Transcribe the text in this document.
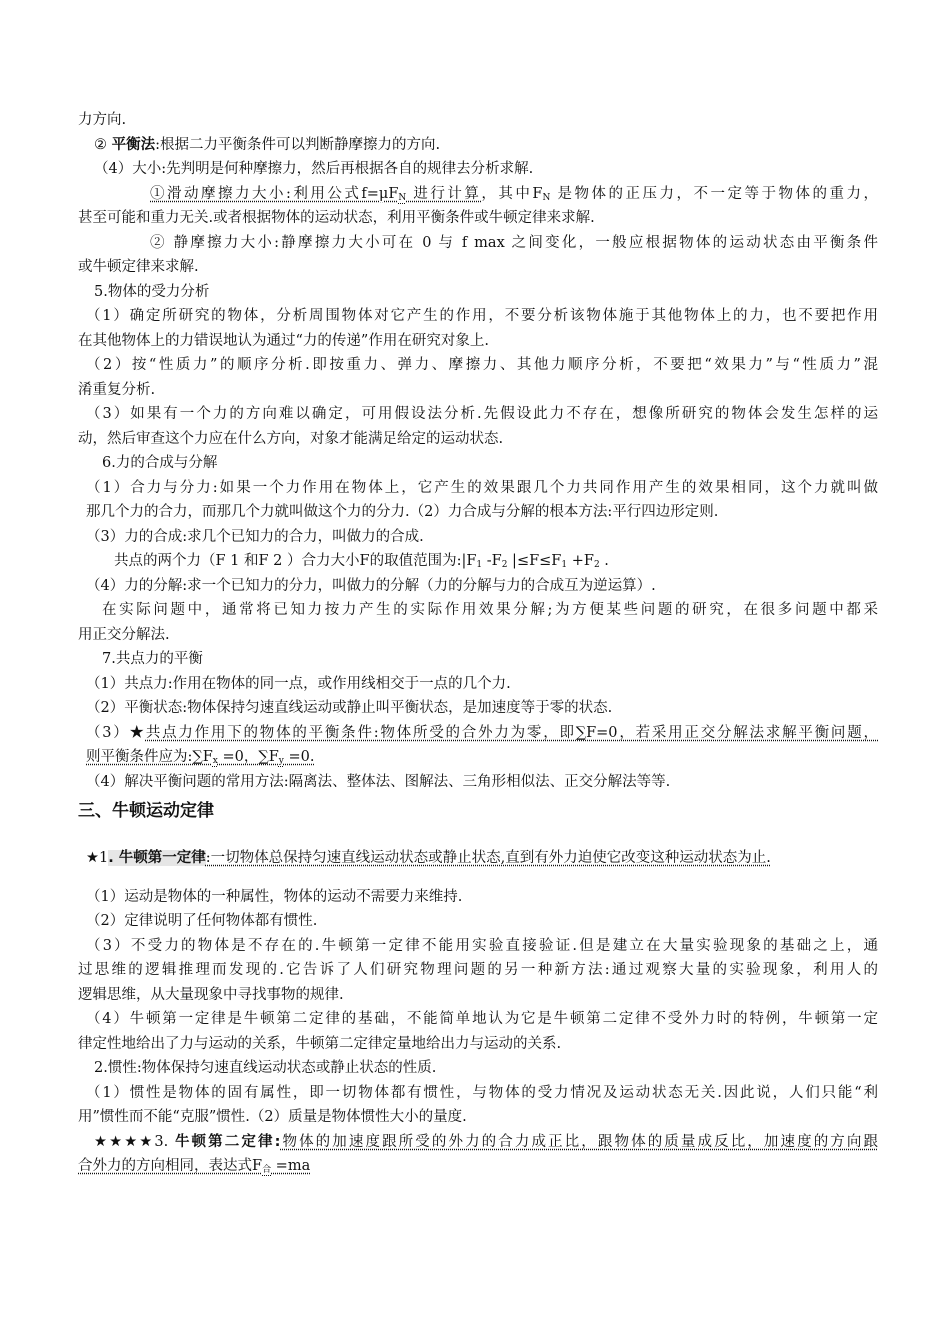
力方向.
② 平衡法:根据二力平衡条件可以判断静摩擦力的方向.
（4）大小:先判明是何种摩擦力，然后再根据各自的规律去分析求解.
①滑动摩擦力大小:利用公式$f=\mu F_N$ 进行计算，其中$F_N$ 是物体的正压力，不一定等于物体的重力，
甚至可能和重力无关.或者根据物体的运动状态，利用平衡条件或牛顿定律来求解.
② 静摩擦力大小:静摩擦力大小可在 0 与 f max 之间变化，一般应根据物体的运动状态由平衡条件
或牛顿定律来求解.
5.物体的受力分析
（1）确定所研究的物体，分析周围物体对它产生的作用，不要分析该物体施于其他物体上的力，也不要把作用
在其他物体上的力错误地认为通过“力的传递”作用在研究对象上.
（2）按“性质力”的顺序分析.即按重力、弹力、摩擦力、其他力顺序分析，不要把“效果力”与“性质力”混
淆重复分析.
（3）如果有一个力的方向难以确定，可用假设法分析.先假设此力不存在，想像所研究的物体会发生怎样的运
动，然后审查这个力应在什么方向，对象才能满足给定的运动状态.
6.力的合成与分解
（1）合力与分力:如果一个力作用在物体上，它产生的效果跟几个力共同作用产生的效果相同，这个力就叫做
那几个力的合力，而那几个力就叫做这个力的分力.（2）力合成与分解的根本方法:平行四边形定则.
（3）力的合成:求几个已知力的合力，叫做力的合成.
共点的两个力（F 1 和F 2 ）合力大小F的取值范围为$:|F_1$ $-F_2$ $|\le F\le F_1 +F_2$ .
（4）力的分解:求一个已知力的分力，叫做力的分解（力的分解与力的合成互为逆运算）.
在实际问题中，通常将已知力按力产生的实际作用效果分解;为方便某些问题的研究，在很多问题中都采
用正交分解法.
7.共点力的平衡
（1）共点力:作用在物体的同一点，或作用线相交于一点的几个力.
（2）平衡状态:物体保持匀速直线运动或静止叫平衡状态，是加速度等于零的状态.
（3）★共点力作用下的物体的平衡条件:物体所受的合外力为零，即∑F=0，若采用正交分解法求解平衡问题，
则平衡条件应为$:\sum F_x =0$，$\sum F_y =0$.
（4）解决平衡问题的常用方法:隔离法、整体法、图解法、三角形相似法、正交分解法等等.
三、牛顿运动定律
★1. 牛顿第一定律:一切物体总保持匀速直线运动状态或静止状态,直到有外力迫使它改变这种运动状态为止.
（1）运动是物体的一种属性，物体的运动不需要力来维持.
（2）定律说明了任何物体都有惯性.
（3）不受力的物体是不存在的.牛顿第一定律不能用实验直接验证.但是建立在大量实验现象的基础之上，通
过思维的逻辑推理而发现的.它告诉了人们研究物理问题的另一种新方法:通过观察大量的实验现象，利用人的
逻辑思维，从大量现象中寻找事物的规律.
（4）牛顿第一定律是牛顿第二定律的基础，不能简单地认为它是牛顿第二定律不受外力时的特例，牛顿第一定
律定性地给出了力与运动的关系，牛顿第二定律定量地给出力与运动的关系.
2.惯性:物体保持匀速直线运动状态或静止状态的性质.
（1）惯性是物体的固有属性，即一切物体都有惯性，与物体的受力情况及运动状态无关.因此说，人们只能“利
用”惯性而不能“克服”惯性.（2）质量是物体惯性大小的量度.
★★★★3. 牛顿第二定律:物体的加速度跟所受的外力的合力成正比，跟物体的质量成反比，加速度的方向跟
合外力的方向相同，表达式$F_合 =ma$
